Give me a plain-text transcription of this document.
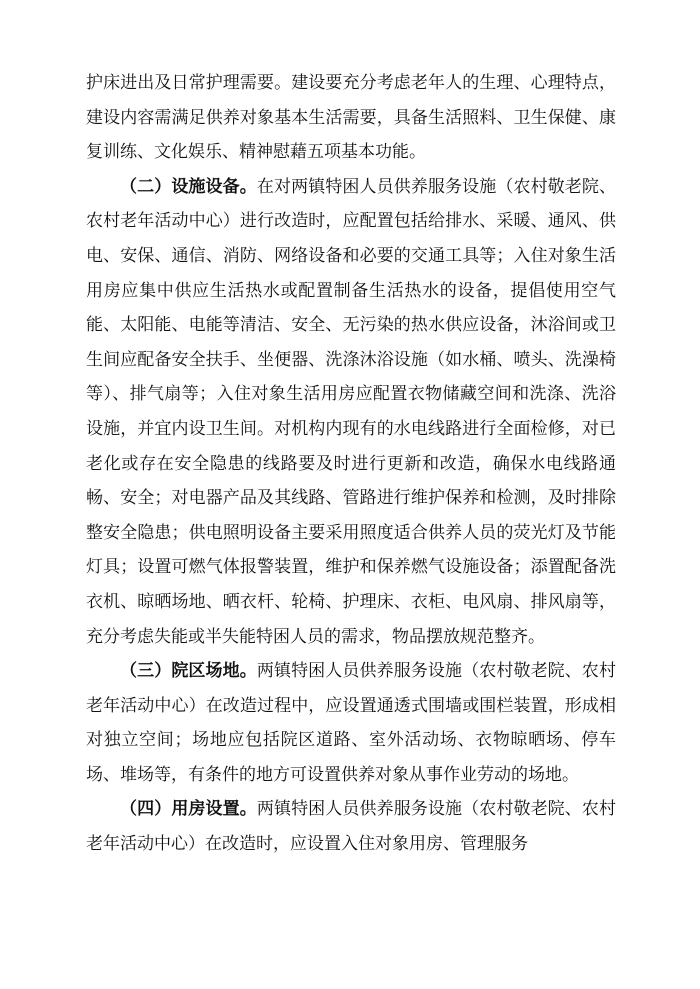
护床进出及日常护理需要。建设要充分考虑老年人的生理、心理特点，建设内容需满足供养对象基本生活需要，具备生活照料、卫生保健、康复训练、文化娱乐、精神慰藉五项基本功能。

（二）设施设备。在对两镇特困人员供养服务设施（农村敬老院、农村老年活动中心）进行改造时，应配置包括给排水、采暖、通风、供电、安保、通信、消防、网络设备和必要的交通工具等；入住对象生活用房应集中供应生活热水或配置制备生活热水的设备，提倡使用空气能、太阳能、电能等清洁、安全、无污染的热水供应设备，沐浴间或卫生间应配备安全扶手、坐便器、洗涤沐浴设施（如水桶、喷头、洗澡椅等）、排气扇等；入住对象生活用房应配置衣物储藏空间和洗涤、洗浴设施，并宜内设卫生间。对机构内现有的水电线路进行全面检修，对已老化或存在安全隐患的线路要及时进行更新和改造，确保水电线路通畅、安全；对电器产品及其线路、管路进行维护保养和检测，及时排除整安全隐患；供电照明设备主要采用照度适合供养人员的荧光灯及节能灯具；设置可燃气体报警装置，维护和保养燃气设施设备；添置配备洗衣机、晾晒场地、晒衣杆、轮椅、护理床、衣柜、电风扇、排风扇等，充分考虑失能或半失能特困人员的需求，物品摆放规范整齐。

（三）院区场地。两镇特困人员供养服务设施（农村敬老院、农村老年活动中心）在改造过程中，应设置通透式围墙或围栏装置，形成相对独立空间；场地应包括院区道路、室外活动场、衣物晾晒场、停车场、堆场等，有条件的地方可设置供养对象从事作业劳动的场地。

（四）用房设置。两镇特困人员供养服务设施（农村敬老院、农村老年活动中心）在改造时，应设置入住对象用房、管理服务
